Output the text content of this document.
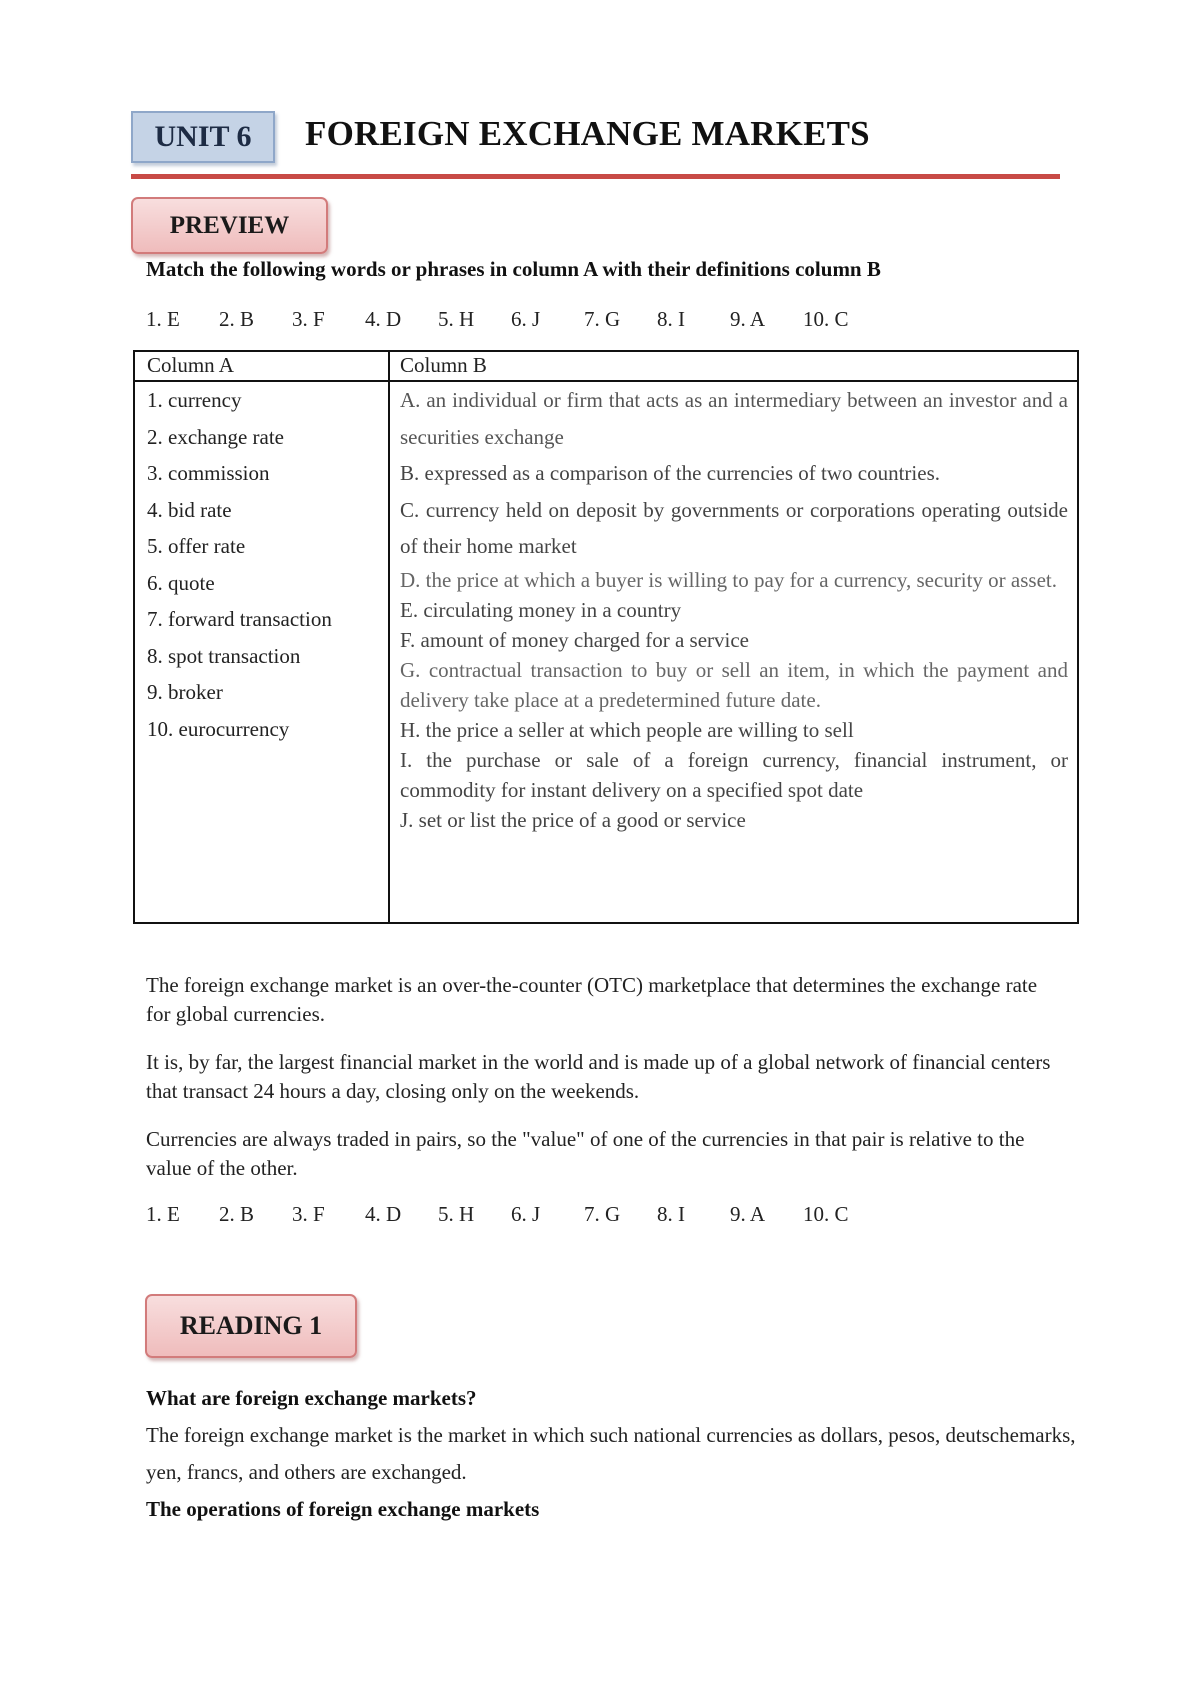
UNIT 6	FOREIGN EXCHANGE MARKETS
PREVIEW
Match the following words or phrases in column A with their definitions column B
1. E	2. B	3. F	4. D	5. H	6. J	7. G	8. I	9. A	10. C
Column A	Column B
1. currency
2. exchange rate
3. commission
4. bid rate
5. offer rate
6. quote
7. forward transaction
8. spot transaction
9. broker
10. eurocurrency
A. an individual or firm that acts as an intermediary between an investor and a securities exchange
B. expressed as a comparison of the currencies of two countries.
C. currency held on deposit by governments or corporations operating outside of their home market
D. the price at which a buyer is willing to pay for a currency, security or asset.
E. circulating money in a country
F. amount of money charged for a service
G. contractual transaction to buy or sell an item, in which the payment and delivery take place at a predetermined future date.
H. the price a seller at which people are willing to sell
I. the purchase or sale of a foreign currency, financial instrument, or commodity for instant delivery on a specified spot date
J. set or list the price of a good or service
The foreign exchange market is an over-the-counter (OTC) marketplace that determines the exchange rate for global currencies.
It is, by far, the largest financial market in the world and is made up of a global network of financial centers that transact 24 hours a day, closing only on the weekends.
Currencies are always traded in pairs, so the "value" of one of the currencies in that pair is relative to the value of the other.
1. E	2. B	3. F	4. D	5. H	6. J	7. G	8. I	9. A	10. C
READING 1
What are foreign exchange markets?
The foreign exchange market is the market in which such national currencies as dollars, pesos, deutschemarks, yen, francs, and others are exchanged.
The operations of foreign exchange markets
